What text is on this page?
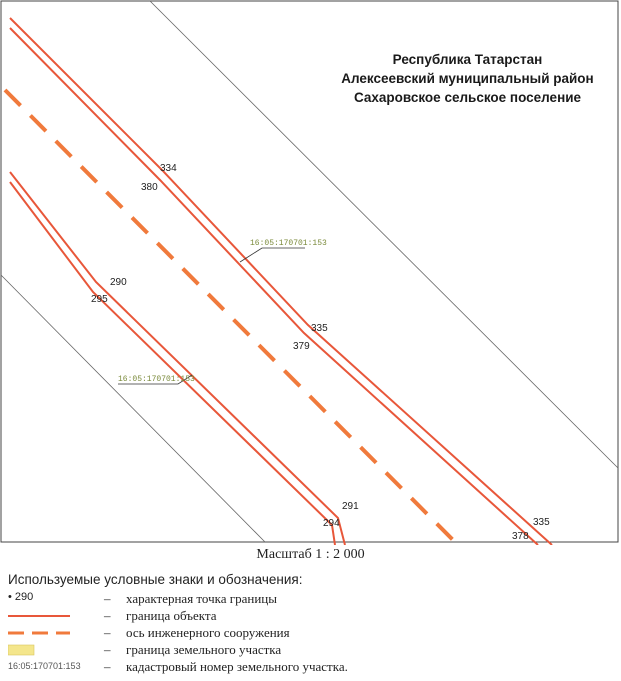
16:05:170701:153
16:05:170701:153
334
380
335
379
290
295
291
294	335
378
Республика Татарстан
Алексеевский муниципальный район
Сахаровское сельское поселение
Масштаб 1 : 2 000
Используемые условные знаки и обозначения:
• 290	– характерная точка границы
– граница объекта
– ось инженерного сооружения
– граница земельного участка
16:05:170701:153	– кадастровый номер земельного участка.
